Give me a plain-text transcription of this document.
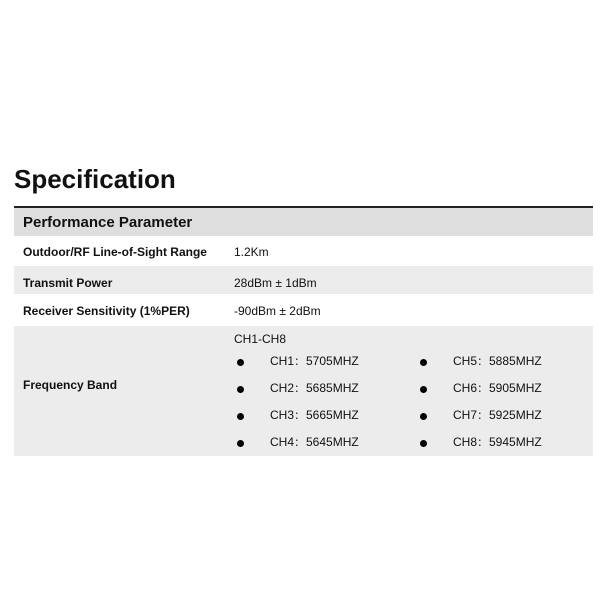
Specification
Performance Parameter
Outdoor/RF Line-of-Sight Range 1.2Km
Transmit Power	28dBm ± 1dBm
Receiver Sensitivity (1%PER)	-90dBm ± 2dBm
Frequency Band
CH1-CH8
CH1：5705MHZ
CH2：5685MHZ
CH3：5665MHZ
CH4：5645MHZ
CH5：5885MHZ
CH6：5905MHZ
CH7：5925MHZ
CH8：5945MHZ
